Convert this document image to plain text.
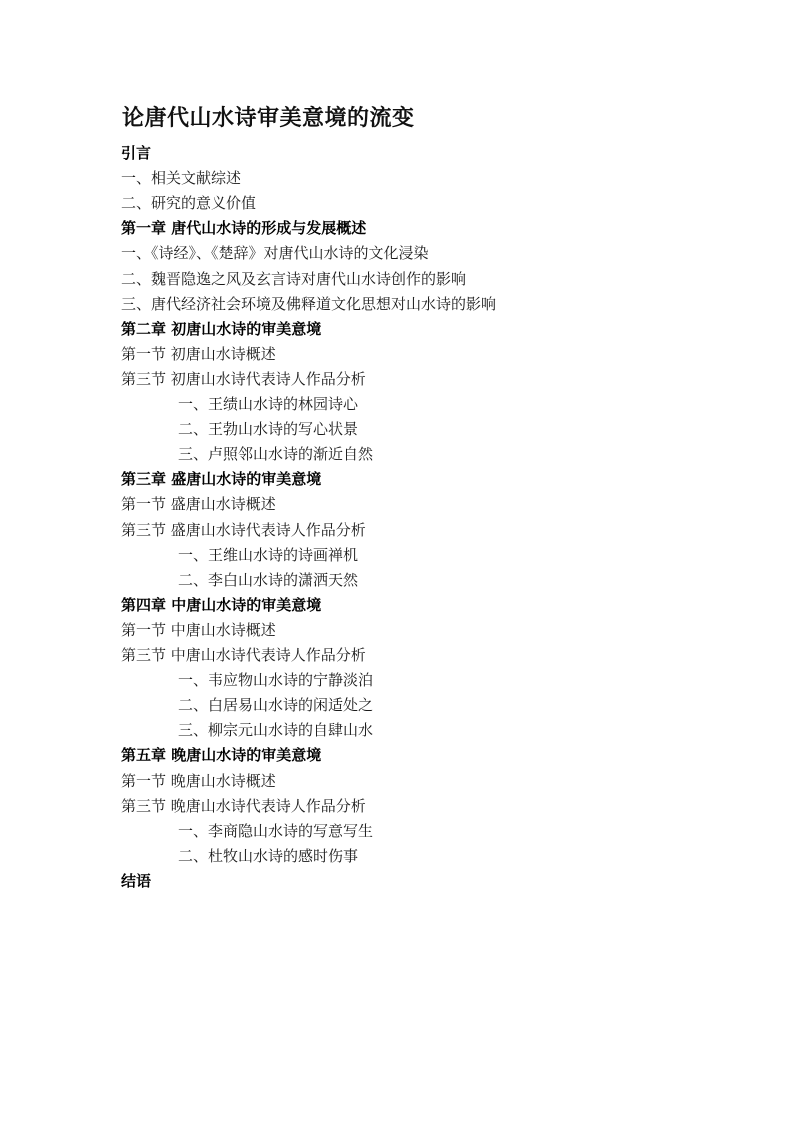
论唐代山水诗审美意境的流变
引言
一、相关文献综述
二、研究的意义价值
第一章 唐代山水诗的形成与发展概述
一、《诗经》、《楚辞》对唐代山水诗的文化浸染
二、魏晋隐逸之风及玄言诗对唐代山水诗创作的影响
三、唐代经济社会环境及佛释道文化思想对山水诗的影响
第二章 初唐山水诗的审美意境
第一节 初唐山水诗概述
第三节 初唐山水诗代表诗人作品分析
一、王绩山水诗的林园诗心
二、王勃山水诗的写心状景
三、卢照邻山水诗的渐近自然
第三章 盛唐山水诗的审美意境
第一节 盛唐山水诗概述
第三节 盛唐山水诗代表诗人作品分析
一、王维山水诗的诗画禅机
二、李白山水诗的潇洒天然
第四章 中唐山水诗的审美意境
第一节 中唐山水诗概述
第三节 中唐山水诗代表诗人作品分析
一、韦应物山水诗的宁静淡泊
二、白居易山水诗的闲适处之
三、柳宗元山水诗的自肆山水
第五章 晚唐山水诗的审美意境
第一节 晚唐山水诗概述
第三节 晚唐山水诗代表诗人作品分析
一、李商隐山水诗的写意写生
二、杜牧山水诗的感时伤事
结语
